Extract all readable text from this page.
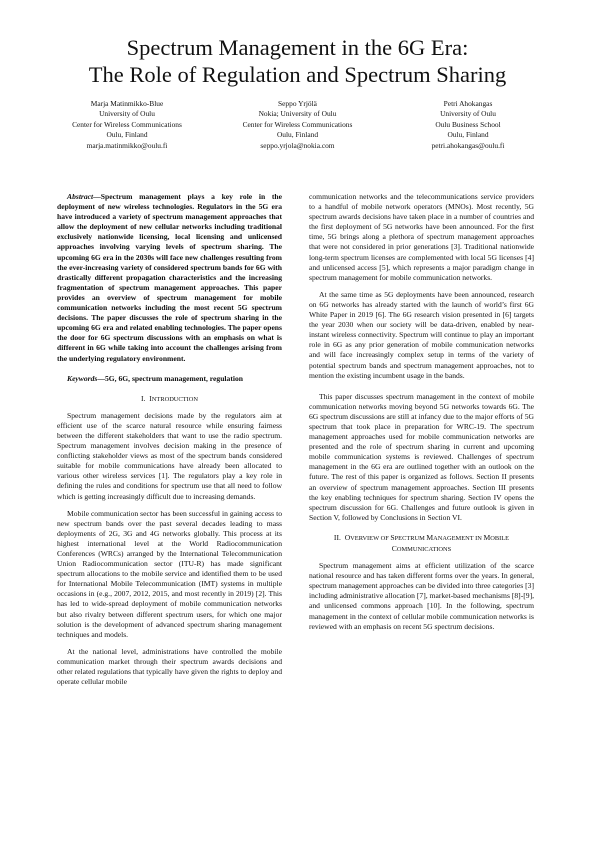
Spectrum Management in the 6G Era:
The Role of Regulation and Spectrum Sharing
Marja Matinmikko-Blue
University of Oulu
Center for Wireless Communications
Oulu, Finland
marja.matinmikko@oulu.fi
Seppo Yrjölä
Nokia; University of Oulu
Center for Wireless Communications
Oulu, Finland
seppo.yrjola@nokia.com
Petri Ahokangas
University of Oulu
Oulu Business School
Oulu, Finland
petri.ahokangas@oulu.fi

Abstract—Spectrum management plays a key role in the deployment of new wireless technologies. Regulators in the 5G era have introduced a variety of spectrum management approaches that allow the deployment of new cellular networks including traditional exclusively nationwide licensing, local licensing and unlicensed approaches involving varying levels of spectrum sharing. The upcoming 6G era in the 2030s will face new challenges resulting from the ever-increasing variety of considered spectrum bands for 6G with drastically different propagation characteristics and the increasing fragmentation of spectrum management approaches. This paper provides an overview of spectrum management for mobile communication networks including the most recent 5G spectrum decisions. The paper discusses the role of spectrum sharing in the upcoming 6G era and related enabling technologies. The paper opens the door for 6G spectrum discussions with an emphasis on what is different in 6G while taking into account the challenges arising from the underlying regulatory environment.

Keywords—5G, 6G, spectrum management, regulation

I. INTRODUCTION

Spectrum management decisions made by the regulators aim at efficient use of the scarce natural resource while ensuring fairness between the different stakeholders that want to use the radio spectrum. Spectrum management involves decision making in the presence of conflicting stakeholder views as most of the spectrum bands considered suitable for mobile communications have already been allocated to various other wireless services [1]. The regulators play a key role in defining the rules and conditions for spectrum use that all need to follow which is getting increasingly difficult due to increasing demands.

Mobile communication sector has been successful in gaining access to new spectrum bands over the past several decades leading to mass deployments of 2G, 3G and 4G networks globally. This process at its highest international level at the World Radiocommunication Conferences (WRCs) arranged by the International Telecommunication Union Radiocommunication sector (ITU-R) has made significant spectrum allocations to the mobile service and identified them to be used for International Mobile Telecommunication (IMT) systems in multiple occasions in (e.g., 2007, 2012, 2015, and most recently in 2019) [2]. This has led to wide-spread deployment of mobile communication networks but also rivalry between different spectrum users, for which one major solution is the development of advanced spectrum sharing management techniques and models.

At the national level, administrations have controlled the mobile communication market through their spectrum awards decisions and other related regulations that typically have given the rights to deploy and operate cellular mobile

communication networks and the telecommunications service providers to a handful of mobile network operators (MNOs). Most recently, 5G spectrum awards decisions have taken place in a number of countries and the first deployment of 5G networks have been announced. For the first time, 5G brings along a plethora of spectrum management approaches that were not considered in prior generations [3]. Traditional nationwide long-term spectrum licenses are complemented with local 5G licenses [4] and unlicensed access [5], which represents a major paradigm change in spectrum management for mobile communication networks.

At the same time as 5G deployments have been announced, research on 6G networks has already started with the launch of world’s first 6G White Paper in 2019 [6]. The 6G research vision presented in [6] targets the year 2030 when our society will be data-driven, enabled by near-instant wireless connectivity. Spectrum will continue to play an important role in 6G as any prior generation of mobile communication networks and will face increasingly complex setup in terms of the variety of potential spectrum bands and spectrum management approaches, not to mention the existing incumbent usage in the bands.

This paper discusses spectrum management in the context of mobile communication networks moving beyond 5G networks towards 6G. The 6G spectrum discussions are still at infancy due to the major efforts of 5G spectrum that took place in preparation for WRC-19. The spectrum management approaches used for mobile communication networks are presented and the role of spectrum sharing in current and upcoming mobile communication systems is reviewed. Challenges of spectrum management in the 6G era are outlined together with an outlook on the future. The rest of this paper is organized as follows. Section II presents an overview of spectrum management approaches. Section III presents the key enabling techniques for spectrum sharing. Section IV opens the spectrum discussion for 6G. Challenges and future outlook is given in Section V, followed by Conclusions in Section VI.

II. OVERVIEW OF SPECTRUM MANAGEMENT IN MOBILE
COMMUNICATIONS

Spectrum management aims at efficient utilization of the scarce national resource and has taken different forms over the years. In general, spectrum management approaches can be divided into three categories [3] including administrative allocation [7], market-based mechanisms [8]-[9], and unlicensed commons approach [10]. In the following, spectrum management in the context of cellular mobile communication networks is reviewed with an emphasis on recent 5G spectrum decisions.
